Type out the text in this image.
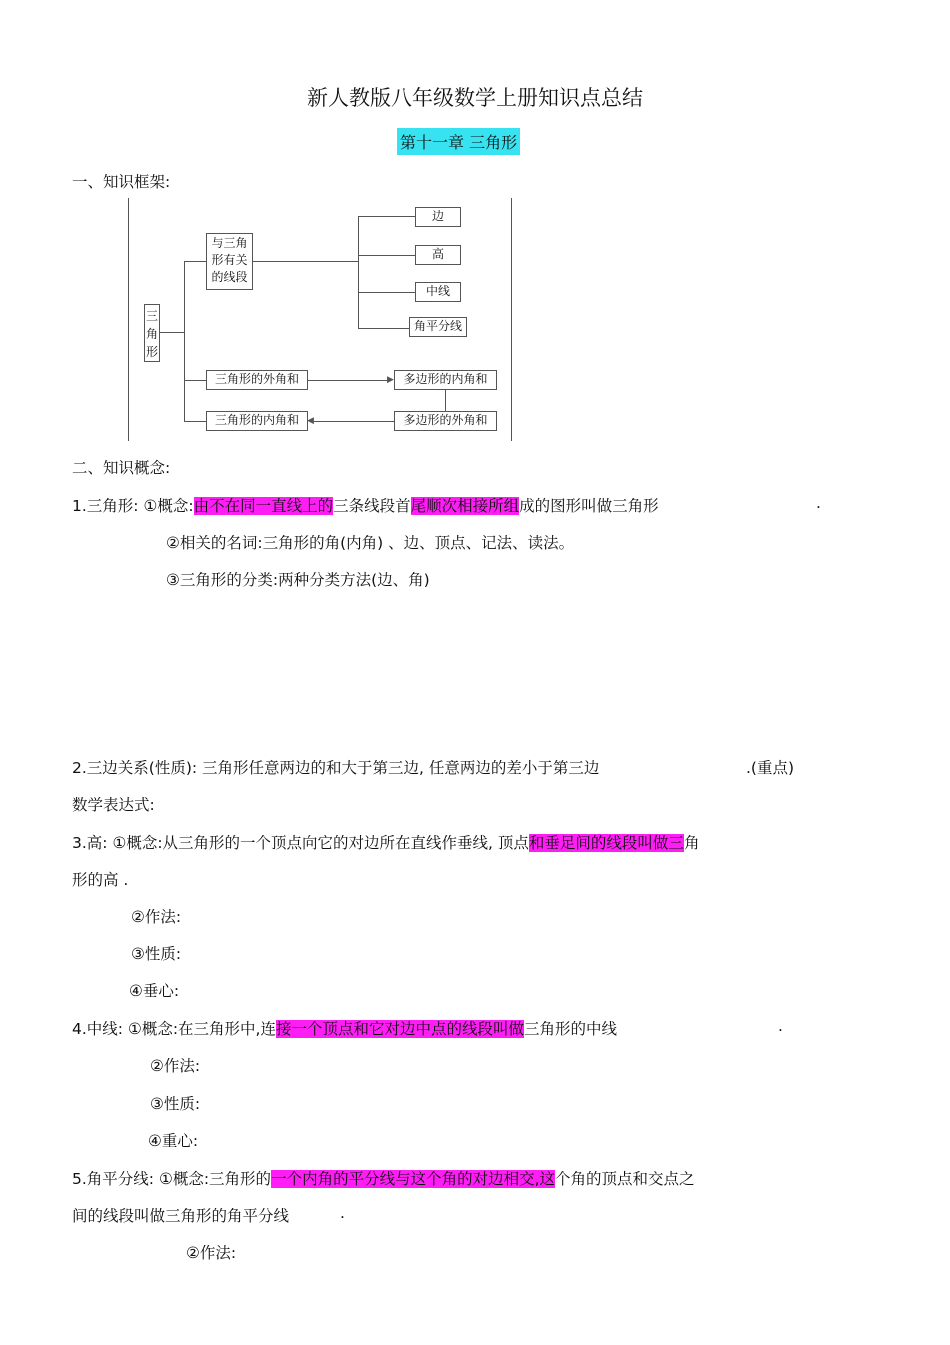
新人教版八年级数学上册知识点总结
第十一章 三角形
一、知识框架:
三
角
形
与三角
形有关
的线段
边
高
中线
角平分线
三角形的外角和
三角形的内角和
多边形的内角和
多边形的外角和
▶
◀
二、知识概念:
1.三角形: ①概念:由不在同一直线上的三条线段首尾顺次相接所组成的图形叫做三角形	.
②相关的名词:三角形的角(内角) 、边、顶点、记法、读法。
③三角形的分类:两种分类方法(边、角)
2.三边关系(性质): 三角形任意两边的和大于第三边, 任意两边的差小于第三边	.(重点)
数学表达式:
3.高: ①概念:从三角形的一个顶点向它的对边所在直线作垂线, 顶点和垂足间的线段叫做三角
形的高 .
②作法:
③性质:
④垂心:
4.中线: ①概念:在三角形中,连接一个顶点和它对边中点的线段叫做三角形的中线	.
②作法:
③性质:
④重心:
5.角平分线: ①概念:三角形的一个内角的平分线与这个角的对边相交,这个角的顶点和交点之
间的线段叫做三角形的角平分线	.
②作法:
